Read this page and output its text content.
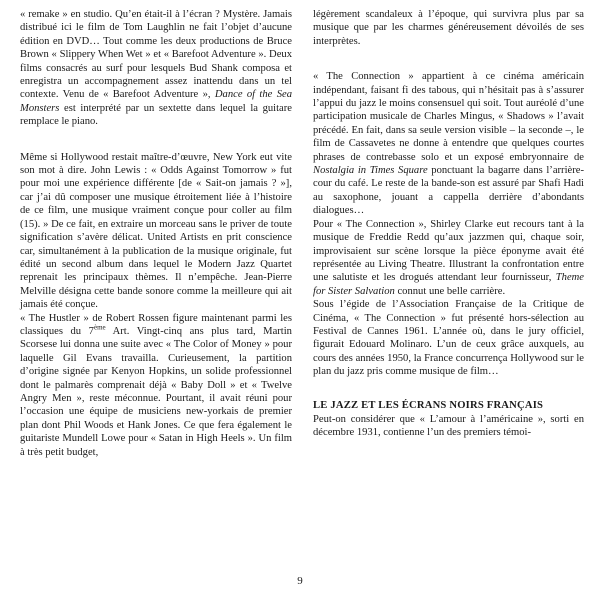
« remake » en studio. Qu’en était-il à l’écran ? Mystère. Jamais distribué ici le film de Tom Laughlin ne fait l’objet d’aucune édition en DVD… Tout comme les deux productions de Bruce Brown « Slippery When Wet » et « Barefoot Adventure ». Deux films consacrés au surf pour lesquels Bud Shank composa et enregistra un accompagnement assez inattendu dans un tel contexte. Venu de « Barefoot Adventure », Dance of the Sea Monsters est interprété par un sextette dans lequel la guitare remplace le piano.

Même si Hollywood restait maître-d’œuvre, New York eut vite son mot à dire. John Lewis : « Odds Against Tomorrow » fut pour moi une expérience différente [de « Sait-on jamais ? »], car j’ai dû composer une musique étroitement liée à l’histoire de ce film, une musique vraiment conçue pour coller au film (15). » De ce fait, en extraire un morceau sans le priver de toute signification s’avère délicat. United Artists en prit conscience car, simultanément à la publication de la musique originale, fut édité un second album dans lequel le Modern Jazz Quartet reprenait les principaux thèmes. Il n’empêche. Jean-Pierre Melville désigna cette bande sonore comme la meilleure qui ait jamais été conçue.

« The Hustler » de Robert Rossen figure maintenant parmi les classiques du 7ème Art. Vingt-cinq ans plus tard, Martin Scorsese lui donna une suite avec « The Color of Money » pour laquelle Gil Evans travailla. Curieusement, la partition d’origine signée par Kenyon Hopkins, un solide professionnel dont le palmarès comprenait déjà « Baby Doll » et « Twelve Angry Men », reste méconnue. Pourtant, il avait réuni pour l’occasion une équipe de musiciens new-yorkais de premier plan dont Phil Woods et Hank Jones. Ce que fera également le guitariste Mundell Lowe pour « Satan in High Heels ». Un film à très petit budget,

légèrement scandaleux à l’époque, qui survivra plus par sa musique que par les charmes généreusement dévoilés de ses interprètes.

« The Connection » appartient à ce cinéma américain indépendant, faisant fi des tabous, qui n’hésitait pas à s’assurer l’appui du jazz le moins consensuel qui soit. Tout auréolé d’une participation musicale de Charles Mingus, « Shadows » l’avait précédé. En fait, dans sa seule version visible – la seconde –, le film de Cassavetes ne donne à entendre que quelques courtes phrases de contrebasse solo et un exposé embryonnaire de Nostalgia in Times Square ponctuant la bagarre dans l’arrière-cour du café. Le reste de la bande-son est assuré par Shafi Hadi au saxophone, jouant a cappella derrière d’abondants dialogues…

Pour « The Connection », Shirley Clarke eut recours tant à la musique de Freddie Redd qu’aux jazzmen qui, chaque soir, improvisaient sur scène lorsque la pièce éponyme avait été représentée au Living Theatre. Illustrant la confrontation entre une salutiste et les drogués attendant leur fournisseur, Theme for Sister Salvation connut une belle carrière.

Sous l’égide de l’Association Française de la Critique de Cinéma, « The Connection » fut présenté hors-sélection au Festival de Cannes 1961. L’année où, dans le jury officiel, figurait Edouard Molinaro. L’un de ceux grâce auxquels, au cours des années 1950, la France concurrença Hollywood sur le plan du jazz pris comme musique de film…

LE JAZZ ET LES ÉCRANS NOIRS FRANÇAIS

Peut-on considérer que « L’amour à l’américaine », sorti en décembre 1931, contienne l’un des premiers témoi-

9
